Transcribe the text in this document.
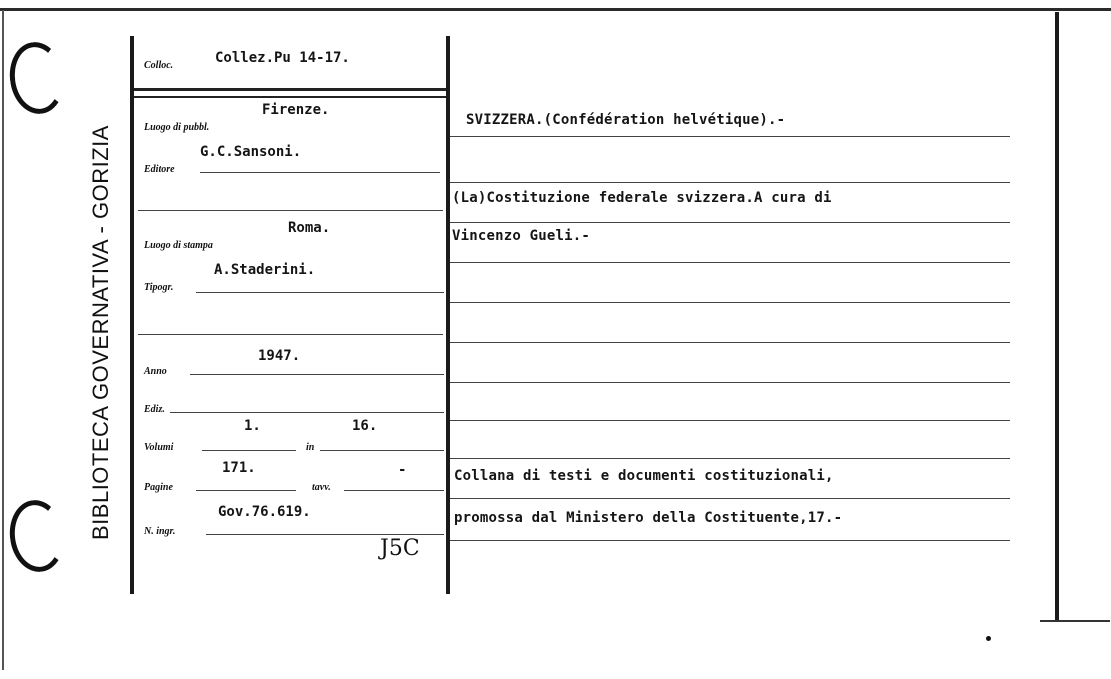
BIBLIOTECA GOVERNATIVA - GORIZIA
Colloc.	Collez.Pu 14-17.
Firenze.
Luogo di pubbl.
G.C.Sansoni.
Editore
Roma.
Luogo di stampa
A.Staderini.
Tipogr.
1947.
Anno
Ediz.
1.	16.
Volumi	in
171.	-
Pagine	tavv.
Gov.76.619.
N. ingr.
J5C
SVIZZERA.(Confédération helvétique).-
(La)Costituzione federale svizzera.A cura di
Vincenzo Gueli.-
Collana di testi e documenti costituzionali,
promossa dal Ministero della Costituente,17.-
